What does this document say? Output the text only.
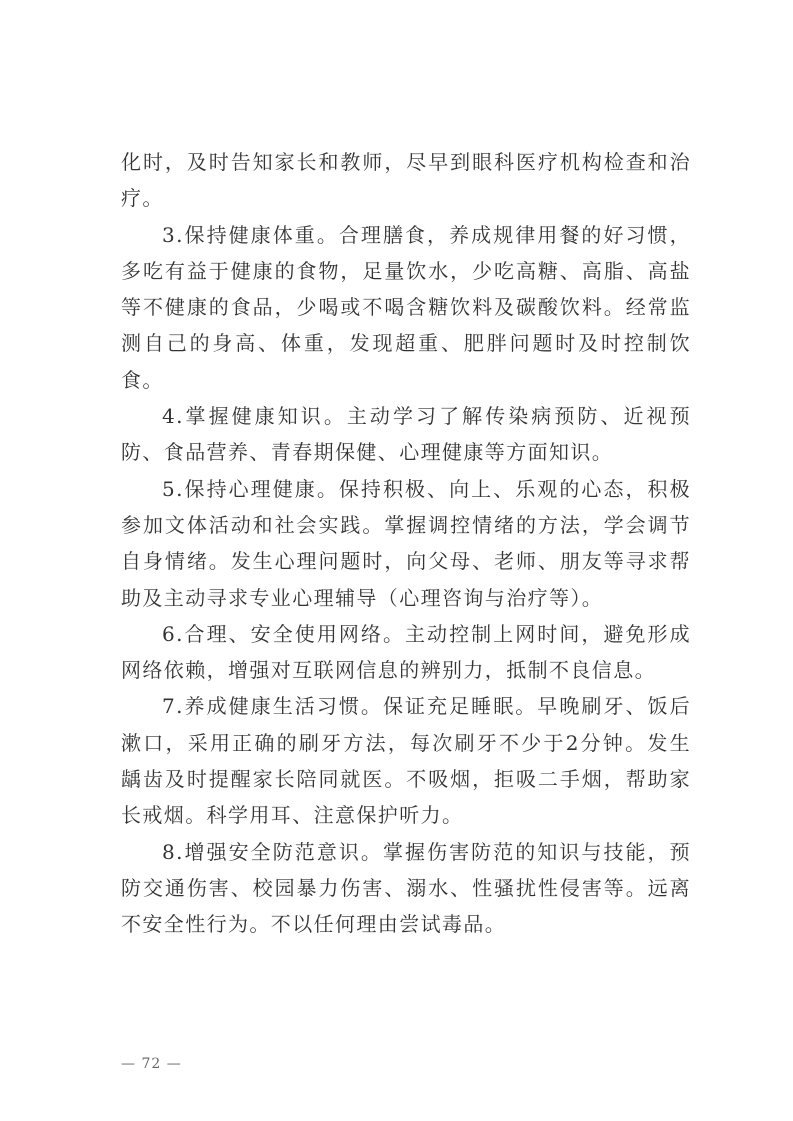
化时，及时告知家长和教师，尽早到眼科医疗机构检查和治疗。

3.保持健康体重。合理膳食，养成规律用餐的好习惯，多吃有益于健康的食物，足量饮水，少吃高糖、高脂、高盐等不健康的食品，少喝或不喝含糖饮料及碳酸饮料。经常监测自己的身高、体重，发现超重、肥胖问题时及时控制饮食。

4.掌握健康知识。主动学习了解传染病预防、近视预防、食品营养、青春期保健、心理健康等方面知识。

5.保持心理健康。保持积极、向上、乐观的心态，积极参加文体活动和社会实践。掌握调控情绪的方法，学会调节自身情绪。发生心理问题时，向父母、老师、朋友等寻求帮助及主动寻求专业心理辅导（心理咨询与治疗等）。

6.合理、安全使用网络。主动控制上网时间，避免形成网络依赖，增强对互联网信息的辨别力，抵制不良信息。

7.养成健康生活习惯。保证充足睡眠。早晚刷牙、饭后漱口，采用正确的刷牙方法，每次刷牙不少于2分钟。发生龋齿及时提醒家长陪同就医。不吸烟，拒吸二手烟，帮助家长戒烟。科学用耳、注意保护听力。

8.增强安全防范意识。掌握伤害防范的知识与技能，预防交通伤害、校园暴力伤害、溺水、性骚扰性侵害等。远离不安全性行为。不以任何理由尝试毒品。

— 72 —
